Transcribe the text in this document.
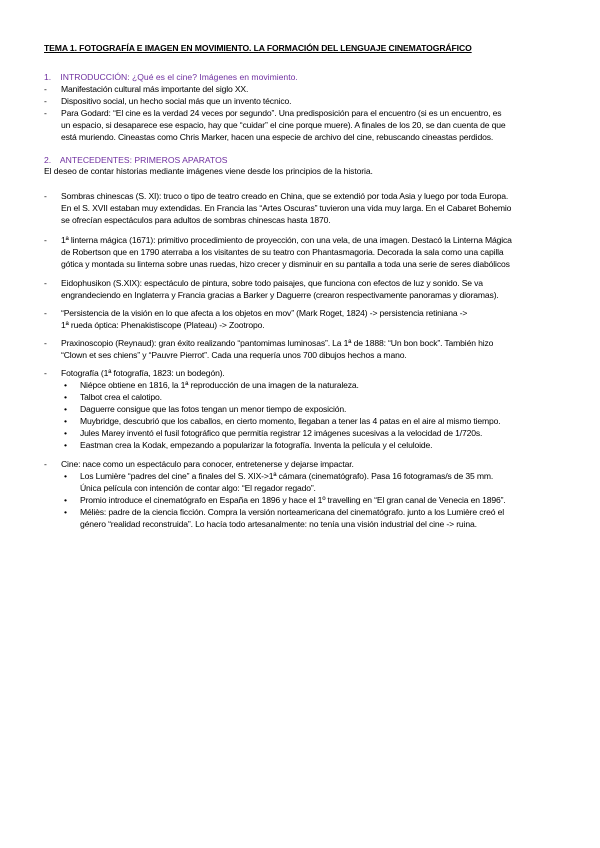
TEMA 1. FOTOGRAFÍA E IMAGEN EN MOVIMIENTO. LA FORMACIÓN DEL LENGUAJE CINEMATOGRÁFICO
1. INTRODUCCIÓN: ¿Qué es el cine? Imágenes en movimiento.
- Manifestación cultural más importante del siglo XX.
- Dispositivo social, un hecho social más que un invento técnico.
- Para Godard: “El cine es la verdad 24 veces por segundo”. Una predisposición para el encuentro (si es un encuentro, es
un espacio, si desaparece ese espacio, hay que “cuidar” el cine porque muere). A finales de los 20, se dan cuenta de que
está muriendo. Cineastas como Chris Marker, hacen una especie de archivo del cine, rebuscando cineastas perdidos.
2. ANTECEDENTES: PRIMEROS APARATOS
El deseo de contar historias mediante imágenes viene desde los principios de la historia.
- Sombras chinescas (S. XI): truco o tipo de teatro creado en China, que se extendió por toda Asia y luego por toda Europa.
En el S. XVII estaban muy extendidas. En Francia las “Artes Oscuras” tuvieron una vida muy larga. En el Cabaret Bohemio
se ofrecían espectáculos para adultos de sombras chinescas hasta 1870.
- 1ª linterna mágica (1671): primitivo procedimiento de proyección, con una vela, de una imagen. Destacó la Linterna Mágica
de Robertson que en 1790 aterraba a los visitantes de su teatro con Phantasmagoria. Decorada la sala como una capilla
gótica y montada su linterna sobre unas ruedas, hizo crecer y disminuir en su pantalla a toda una serie de seres diabólicos
- Eidophusikon (S.XIX): espectáculo de pintura, sobre todo paisajes, que funciona con efectos de luz y sonido. Se va
engrandeciendo en Inglaterra y Francia gracias a Barker y Daguerre (crearon respectivamente panoramas y dioramas).
- “Persistencia de la visión en lo que afecta a los objetos en mov” (Mark Roget, 1824) -> persistencia retiniana ->
1ª rueda óptica: Phenakistiscope (Plateau) -> Zootropo.
- Praxinoscopio (Reynaud): gran éxito realizando “pantomimas luminosas”. La 1ª de 1888: “Un bon bock”. También hizo
“Clown et ses chiens” y “Pauvre Pierrot”. Cada una requería unos 700 dibujos hechos a mano.
- Fotografía (1ª fotografía, 1823: un bodegón).
• Niépce obtiene en 1816, la 1ª reproducción de una imagen de la naturaleza.
• Talbot crea el calotipo.
• Daguerre consigue que las fotos tengan un menor tiempo de exposición.
• Muybridge, descubrió que los caballos, en cierto momento, llegaban a tener las 4 patas en el aire al mismo tiempo.
• Jules Marey inventó el fusil fotográfico que permitía registrar 12 imágenes sucesivas a la velocidad de 1/720s.
• Eastman crea la Kodak, empezando a popularizar la fotografía. Inventa la película y el celuloide.
- Cine: nace como un espectáculo para conocer, entretenerse y dejarse impactar.
• Los Lumière “padres del cine” a finales del S. XIX->1ª cámara (cinematógrafo). Pasa 16 fotogramas/s de 35 mm.
Única película con intención de contar algo: “El regador regado”.
• Promio introduce el cinematógrafo en España en 1896 y hace el 1º travelling en “El gran canal de Venecia en 1896”.
• Méliès: padre de la ciencia ficción. Compra la versión norteamericana del cinematógrafo. junto a los Lumière creó el
género “realidad reconstruida”. Lo hacía todo artesanalmente: no tenía una visión industrial del cine -> ruina.
